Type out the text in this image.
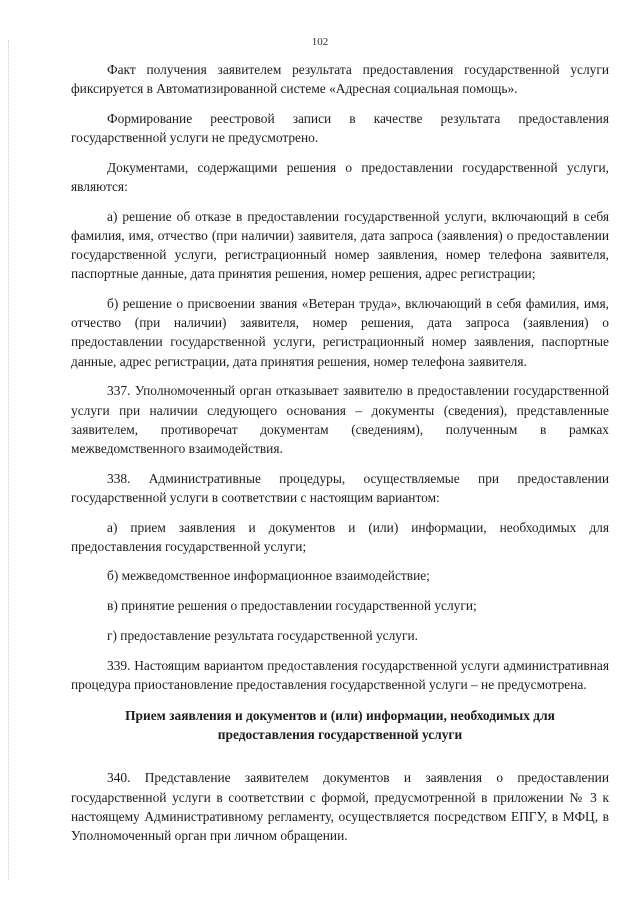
102

Факт получения заявителем результата предоставления государственной услуги фиксируется в Автоматизированной системе «Адресная социальная помощь».

Формирование реестровой записи в качестве результата предоставления государственной услуги не предусмотрено.

Документами, содержащими решения о предоставлении государственной услуги, являются:

а) решение об отказе в предоставлении государственной услуги, включающий в себя фамилия, имя, отчество (при наличии) заявителя, дата запроса (заявления) о предоставлении государственной услуги, регистрационный номер заявления, номер телефона заявителя, паспортные данные, дата принятия решения, номер решения, адрес регистрации;

б) решение о присвоении звания «Ветеран труда», включающий в себя фамилия, имя, отчество (при наличии) заявителя, номер решения, дата запроса (заявления) о предоставлении государственной услуги, регистрационный номер заявления, паспортные данные, адрес регистрации, дата принятия решения, номер телефона заявителя.

337. Уполномоченный орган отказывает заявителю в предоставлении государственной услуги при наличии следующего основания – документы (сведения), представленные заявителем, противоречат документам (сведениям), полученным в рамках межведомственного взаимодействия.

338. Административные процедуры, осуществляемые при предоставлении государственной услуги в соответствии с настоящим вариантом:

а) прием заявления и документов и (или) информации, необходимых для предоставления государственной услуги;

б) межведомственное информационное взаимодействие;

в) принятие решения о предоставлении государственной услуги;

г) предоставление результата государственной услуги.

339. Настоящим вариантом предоставления государственной услуги административная процедура приостановление предоставления государственной услуги – не предусмотрена.

Прием заявления и документов и (или) информации, необходимых для предоставления государственной услуги

340. Представление заявителем документов и заявления о предоставлении государственной услуги в соответствии с формой, предусмотренной в приложении № 3 к настоящему Административному регламенту, осуществляется посредством ЕПГУ, в МФЦ, в Уполномоченный орган при личном обращении.
